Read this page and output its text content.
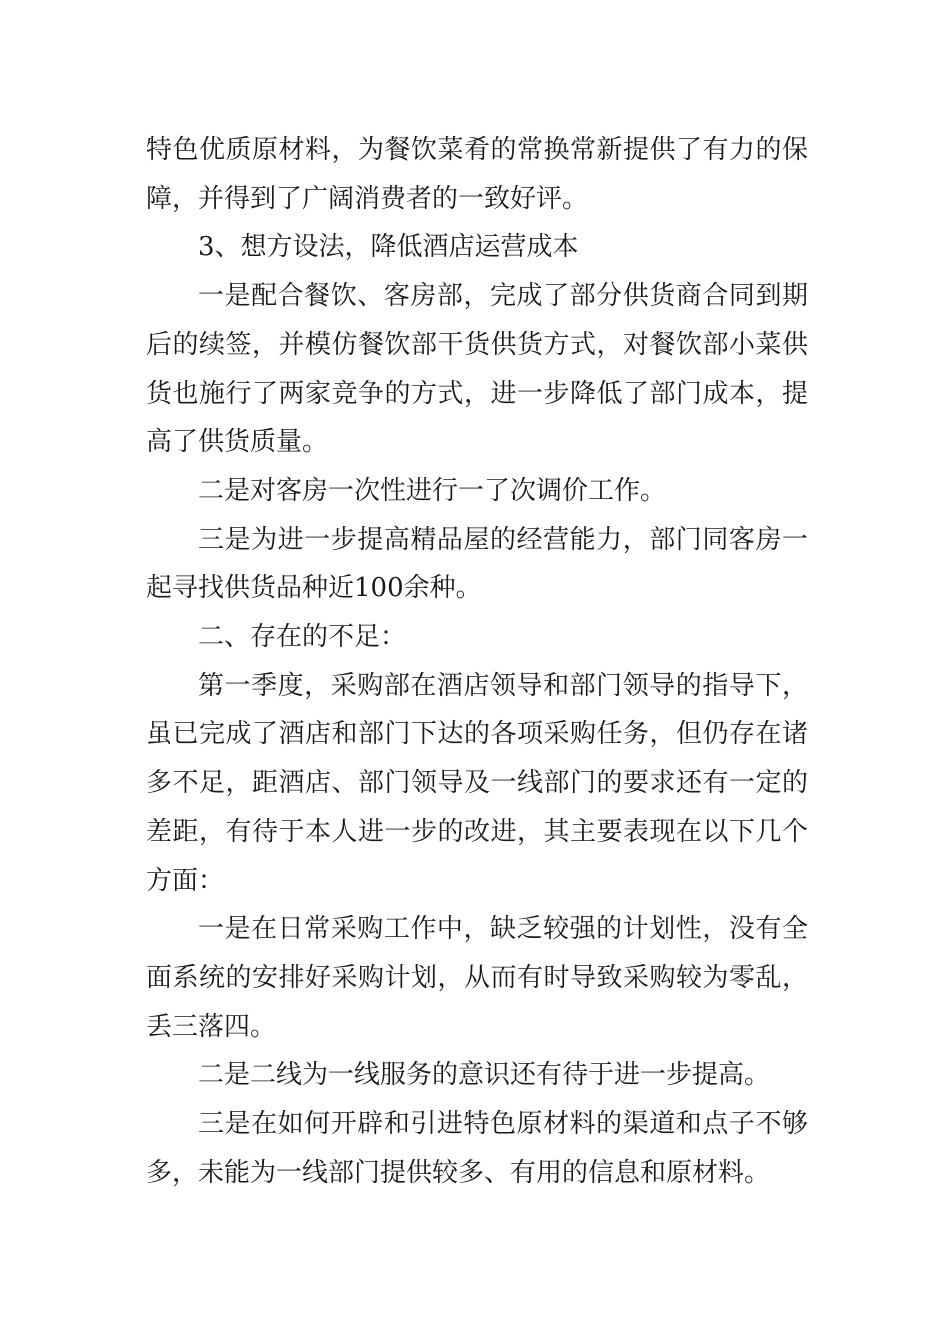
特色优质原材料，为餐饮菜肴的常换常新提供了有力的保障，并得到了广阔消费者的一致好评。

3、想方设法，降低酒店运营成本

一是配合餐饮、客房部，完成了部分供货商合同到期后的续签，并模仿餐饮部干货供货方式，对餐饮部小菜供货也施行了两家竞争的方式，进一步降低了部门成本，提高了供货质量。

二是对客房一次性进行一了次调价工作。

三是为进一步提高精品屋的经营能力，部门同客房一起寻找供货品种近100余种。

二、存在的不足：

第一季度，采购部在酒店领导和部门领导的指导下，虽已完成了酒店和部门下达的各项采购任务，但仍存在诸多不足，距酒店、部门领导及一线部门的要求还有一定的差距，有待于本人进一步的改进，其主要表现在以下几个方面：

一是在日常采购工作中，缺乏较强的计划性，没有全面系统的安排好采购计划，从而有时导致采购较为零乱，丢三落四。

二是二线为一线服务的意识还有待于进一步提高。

三是在如何开辟和引进特色原材料的渠道和点子不够多，未能为一线部门提供较多、有用的信息和原材料。
